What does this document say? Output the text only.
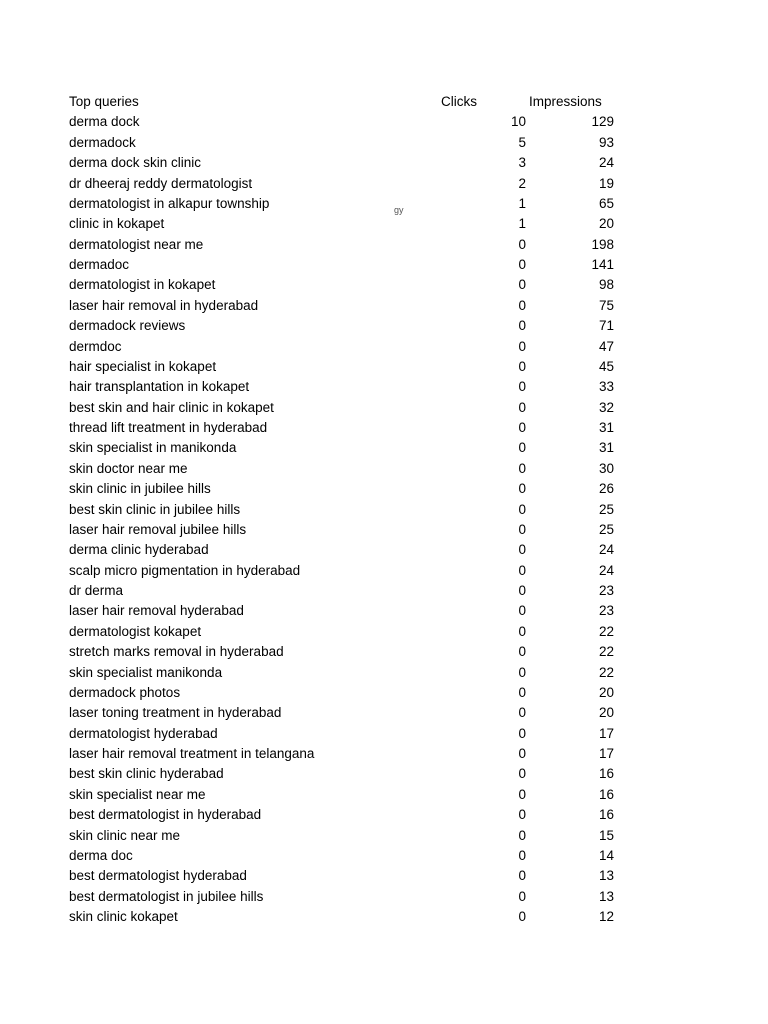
Top queries	Clicks	Impressions
derma dock	10	129
dermadock	5	93
derma dock skin clinic	3	24
dr dheeraj reddy dermatologist	2	19
dermatologist in alkapur township	1	65
clinic in kokapet	1	20
dermatologist near me	0	198
dermadoc	0	141
dermatologist in kokapet	0	98
laser hair removal in hyderabad	0	75
dermadock reviews	0	71
dermdoc	0	47
hair specialist in kokapet	0	45
hair transplantation in kokapet	0	33
best skin and hair clinic in kokapet	0	32
thread lift treatment in hyderabad	0	31
skin specialist in manikonda	0	31
skin doctor near me	0	30
skin clinic in jubilee hills	0	26
best skin clinic in jubilee hills	0	25
laser hair removal jubilee hills	0	25
derma clinic hyderabad	0	24
scalp micro pigmentation in hyderabad	0	24
dr derma	0	23
laser hair removal hyderabad	0	23
dermatologist kokapet	0	22
stretch marks removal in hyderabad	0	22
skin specialist manikonda	0	22
dermadock photos	0	20
laser toning treatment in hyderabad	0	20
dermatologist hyderabad	0	17
laser hair removal treatment in telangana	0	17
best skin clinic hyderabad	0	16
skin specialist near me	0	16
best dermatologist in hyderabad	0	16
skin clinic near me	0	15
derma doc	0	14
best dermatologist hyderabad	0	13
best dermatologist in jubilee hills	0	13
skin clinic kokapet	0	12
gy
